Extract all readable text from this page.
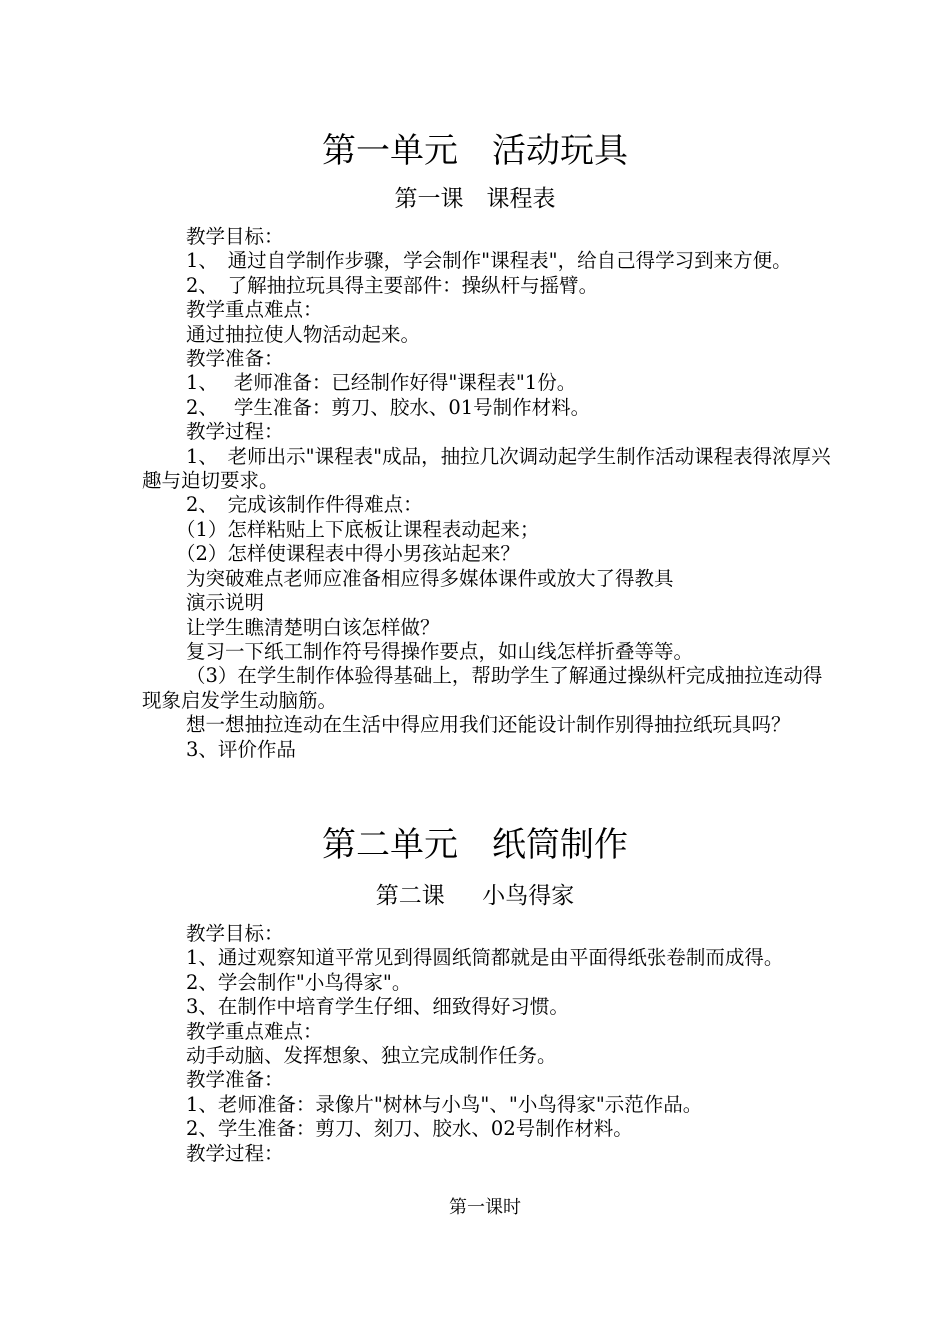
第一单元　活动玩具
第一课　课程表

教学目标：

1、　通过自学制作步骤，学会制作"课程表"，给自己得学习到来方便。

2、　了解抽拉玩具得主要部件：操纵杆与摇臂。

教学重点难点：

通过抽拉使人物活动起来。

教学准备：

1、　 老师准备：已经制作好得"课程表"1份。

2、　 学生准备：剪刀、胶水、01号制作材料。

教学过程：

1、　老师出示"课程表"成品，抽拉几次调动起学生制作活动课程表得浓厚兴趣与迫切要求。

2、　完成该制作件得难点：

（1）怎样粘贴上下底板让课程表动起来；

（2）怎样使课程表中得小男孩站起来？

为突破难点老师应准备相应得多媒体课件或放大了得教具

演示说明

让学生瞧清楚明白该怎样做？

复习一下纸工制作符号得操作要点，如山线怎样折叠等等。

（3）在学生制作体验得基础上，帮助学生了解通过操纵杆完成抽拉连动得现象启发学生动脑筋。

想一想抽拉连动在生活中得应用我们还能设计制作别得抽拉纸玩具吗？

3、评价作品

第二单元　纸筒制作
第二课　  小鸟得家

教学目标：

1、通过观察知道平常见到得圆纸筒都就是由平面得纸张卷制而成得。

2、学会制作"小鸟得家"。

3、在制作中培育学生仔细、细致得好习惯。

教学重点难点：

动手动脑、发挥想象、独立完成制作任务。

教学准备：

1、老师准备：录像片"树林与小鸟"、"小鸟得家"示范作品。

2、学生准备：剪刀、刻刀、胶水、02号制作材料。

教学过程：

第一课时
